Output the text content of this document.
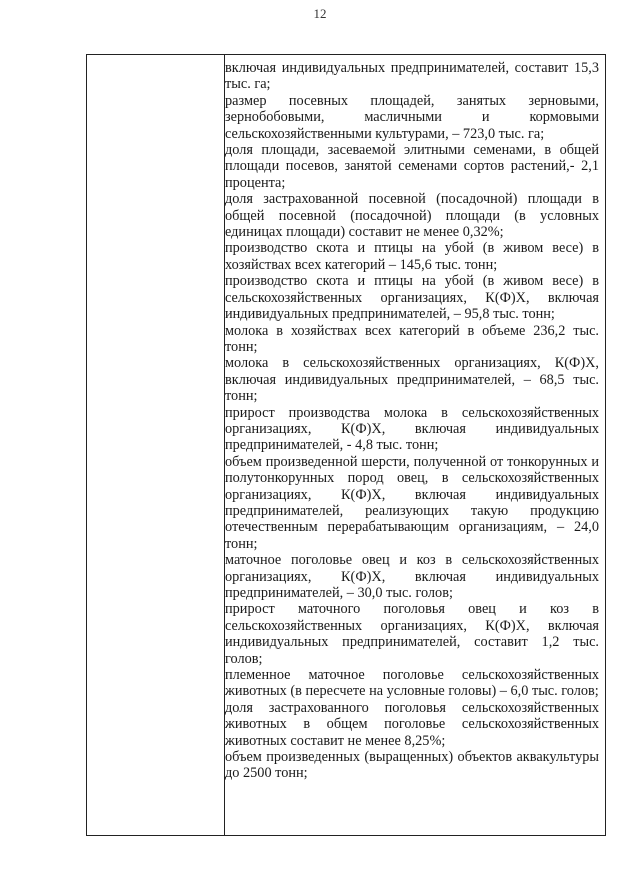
12
включая индивидуальных предпринимателей, составит 15,3 тыс. га;
размер посевных площадей, занятых зерновыми, зернобобовыми, масличными и кормовыми сельскохозяйственными культурами, – 723,0 тыс. га;
доля площади, засеваемой элитными семенами, в общей площади посевов, занятой семенами сортов растений,- 2,1 процента;
доля застрахованной посевной (посадочной) площади в общей посевной (посадочной) площади (в условных единицах площади) составит не менее 0,32%;
производство скота и птицы на убой (в живом весе) в хозяйствах всех категорий – 145,6 тыс. тонн;
производство скота и птицы на убой (в живом весе) в сельскохозяйственных организациях, К(Ф)Х, включая индивидуальных предпринимателей, – 95,8 тыс. тонн;
молока в хозяйствах всех категорий в объеме 236,2 тыс. тонн;
молока в сельскохозяйственных организациях, К(Ф)Х, включая индивидуальных предпринимателей, – 68,5 тыс. тонн;
прирост производства молока в сельскохозяйственных организациях, К(Ф)Х, включая индивидуальных предпринимателей, - 4,8 тыс. тонн;
объем произведенной шерсти, полученной от тонкорунных и полутонкорунных пород овец, в сельскохозяйственных организациях, К(Ф)Х, включая индивидуальных предпринимателей, реализующих такую продукцию отечественным перерабатывающим организациям, – 24,0 тонн;
маточное поголовье овец и коз в сельскохозяйственных организациях, К(Ф)Х, включая индивидуальных предпринимателей, – 30,0 тыс. голов;
прирост маточного поголовья овец и коз в сельскохозяйственных организациях, К(Ф)Х, включая индивидуальных предпринимателей, составит 1,2 тыс. голов;
племенное маточное поголовье сельскохозяйственных животных (в пересчете на условные головы) – 6,0 тыс. голов;
доля застрахованного поголовья сельскохозяйственных животных в общем поголовье сельскохозяйственных животных составит не менее 8,25%;
объем произведенных (выращенных) объектов аквакультуры до 2500 тонн;
